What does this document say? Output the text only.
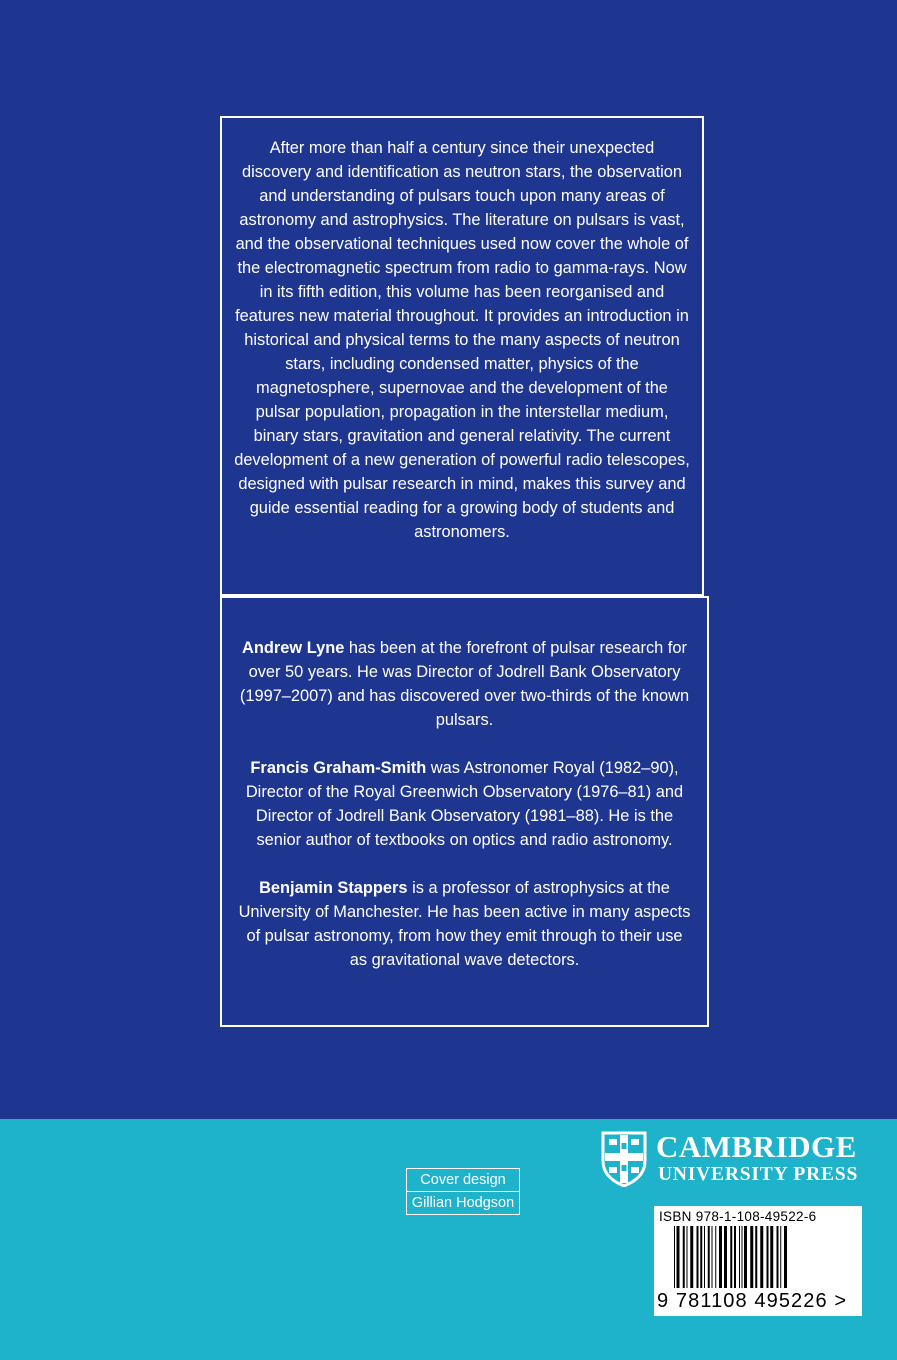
After more than half a century since their unexpected discovery and identification as neutron stars, the observation and understanding of pulsars touch upon many areas of astronomy and astrophysics. The literature on pulsars is vast, and the observational techniques used now cover the whole of the electromagnetic spectrum from radio to gamma-rays. Now in its fifth edition, this volume has been reorganised and features new material throughout. It provides an introduction in historical and physical terms to the many aspects of neutron stars, including condensed matter, physics of the magnetosphere, supernovae and the development of the pulsar population, propagation in the interstellar medium, binary stars, gravitation and general relativity. The current development of a new generation of powerful radio telescopes, designed with pulsar research in mind, makes this survey and guide essential reading for a growing body of students and astronomers.

Andrew Lyne has been at the forefront of pulsar research for over 50 years. He was Director of Jodrell Bank Observatory (1997–2007) and has discovered over two-thirds of the known pulsars.

Francis Graham-Smith was Astronomer Royal (1982–90), Director of the Royal Greenwich Observatory (1976–81) and Director of Jodrell Bank Observatory (1981–88). He is the senior author of textbooks on optics and radio astronomy.

Benjamin Stappers is a professor of astrophysics at the University of Manchester. He has been active in many aspects of pulsar astronomy, from how they emit through to their use as gravitational wave detectors.

Cover design
Gillian Hodgson
CAMBRIDGE
UNIVERSITY PRESS
ISBN 978-1-108-49522-6
9 781108 495226 >
